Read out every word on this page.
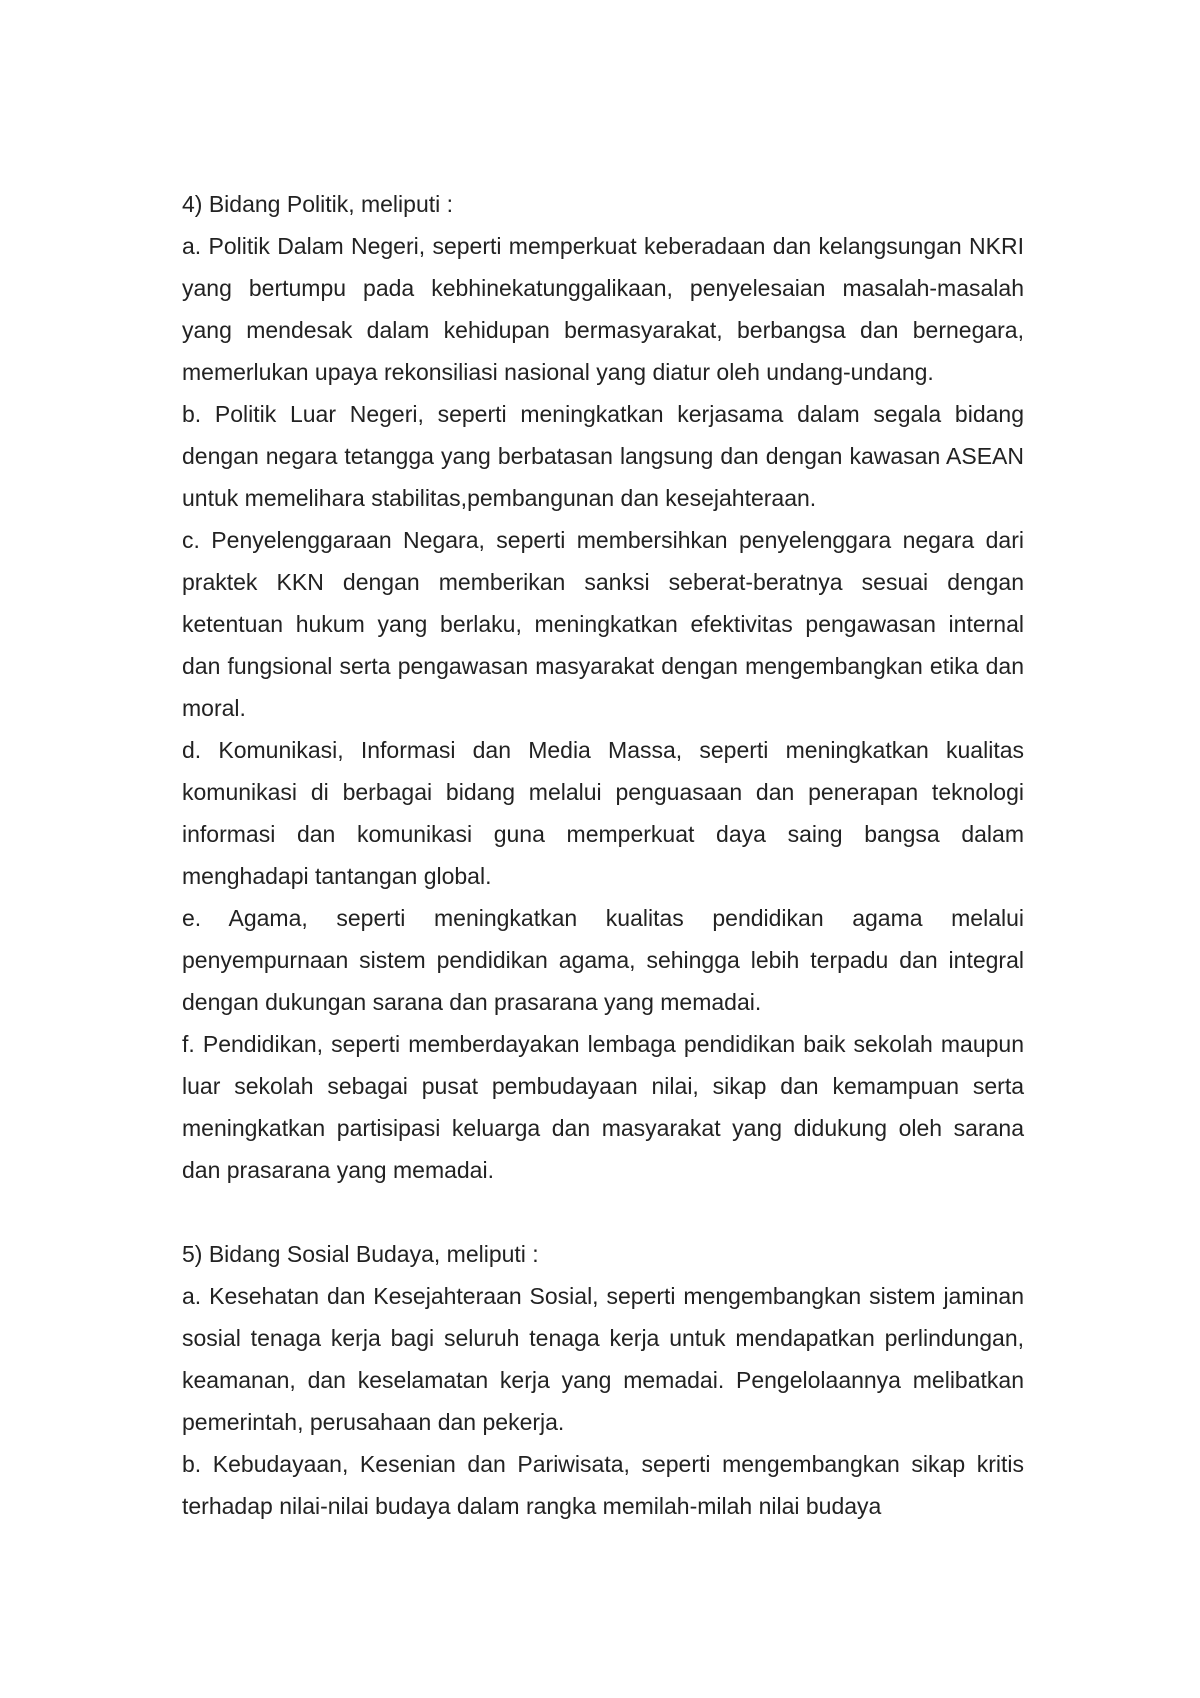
4) Bidang Politik, meliputi :

a. Politik Dalam Negeri, seperti memperkuat keberadaan dan kelangsungan NKRI yang bertumpu pada kebhinekatunggalikaan, penyelesaian masalah-masalah yang mendesak dalam kehidupan bermasyarakat, berbangsa dan bernegara, memerlukan upaya rekonsiliasi nasional yang diatur oleh undang-undang.

b. Politik Luar Negeri, seperti meningkatkan kerjasama dalam segala bidang dengan negara tetangga yang berbatasan langsung dan dengan kawasan ASEAN untuk memelihara stabilitas,pembangunan dan kesejahteraan.

c. Penyelenggaraan Negara, seperti membersihkan penyelenggara negara dari praktek KKN dengan memberikan sanksi seberat-beratnya sesuai dengan ketentuan hukum yang berlaku, meningkatkan efektivitas pengawasan internal dan fungsional serta pengawasan masyarakat dengan mengembangkan etika dan moral.

d. Komunikasi, Informasi dan Media Massa, seperti meningkatkan kualitas komunikasi di berbagai bidang melalui penguasaan dan penerapan teknologi informasi dan komunikasi guna memperkuat daya saing bangsa dalam menghadapi tantangan global.

e. Agama, seperti meningkatkan kualitas pendidikan agama melalui penyempurnaan sistem pendidikan agama, sehingga lebih terpadu dan integral dengan dukungan sarana dan prasarana yang memadai.

f. Pendidikan, seperti memberdayakan lembaga pendidikan baik sekolah maupun luar sekolah sebagai pusat pembudayaan nilai, sikap dan kemampuan serta meningkatkan partisipasi keluarga dan masyarakat yang didukung oleh sarana dan prasarana yang memadai.

5) Bidang Sosial Budaya, meliputi :

a. Kesehatan dan Kesejahteraan Sosial, seperti mengembangkan sistem jaminan sosial tenaga kerja bagi seluruh tenaga kerja untuk mendapatkan perlindungan, keamanan, dan keselamatan kerja yang memadai. Pengelolaannya melibatkan pemerintah, perusahaan dan pekerja.

b. Kebudayaan, Kesenian dan Pariwisata, seperti mengembangkan sikap kritis terhadap nilai-nilai budaya dalam rangka memilah-milah nilai budaya
